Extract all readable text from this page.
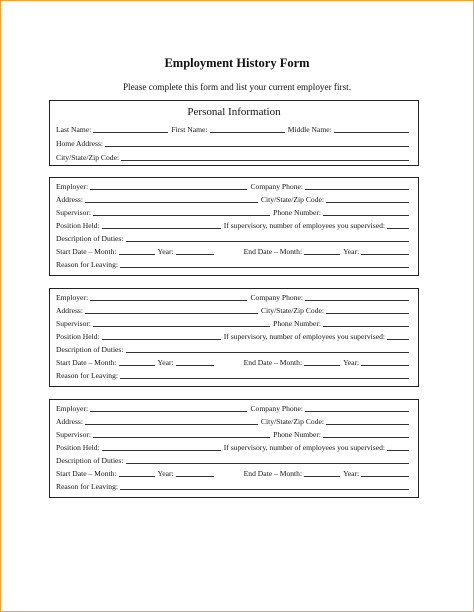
Employment History Form
Please complete this form and list your current employer first.
Personal Information
Last Name:	First Name:	Middle Name:
Home Address:
City/State/Zip Code:
Employer:	Company Phone:
Address:	City/State/Zip Code:
Supervisor:	Phone Number:
Position Held:	If supervisory, number of employees you supervised:
Description of Duties:
Start Date – Month:	Year:	End Date – Month:	Year:
Reason for Leaving:
Employer:	Company Phone:
Address:	City/State/Zip Code:
Supervisor:	Phone Number:
Position Held:	If supervisory, number of employees you supervised:
Description of Duties:
Start Date – Month:	Year:	End Date – Month:	Year:
Reason for Leaving:
Employer:	Company Phone:
Address:	City/State/Zip Code:
Supervisor:	Phone Number:
Position Held:	If supervisory, number of employees you supervised:
Description of Duties:
Start Date – Month:	Year:	End Date – Month:	Year:
Reason for Leaving:
